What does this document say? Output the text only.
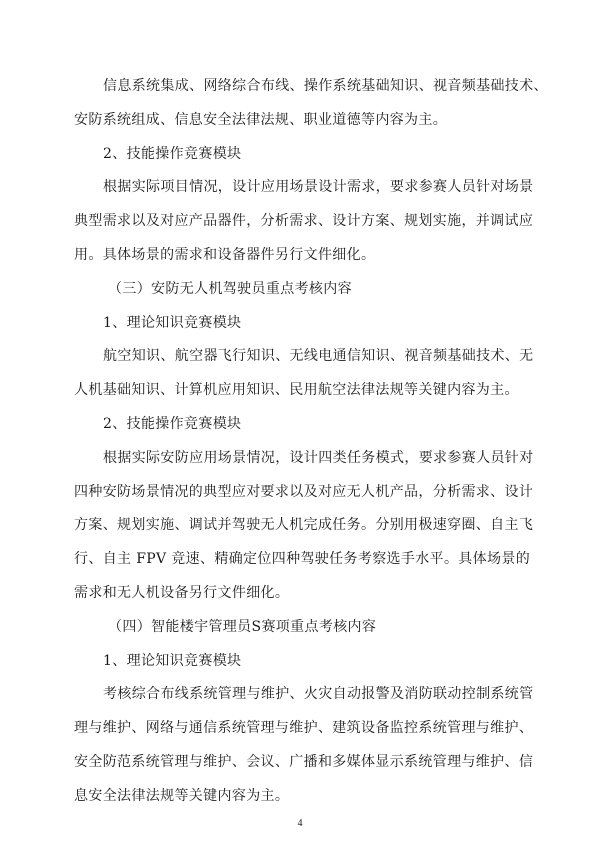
信息系统集成、网络综合布线、操作系统基础知识、视音频基础技术、
安防系统组成、信息安全法律法规、职业道德等内容为主。
2、技能操作竞赛模块
根据实际项目情况，设计应用场景设计需求，要求参赛人员针对场景
典型需求以及对应产品器件，分析需求、设计方案、规划实施，并调试应
用。具体场景的需求和设备器件另行文件细化。
（三）安防无人机驾驶员重点考核内容
1、理论知识竞赛模块
航空知识、航空器飞行知识、无线电通信知识、视音频基础技术、无
人机基础知识、计算机应用知识、民用航空法律法规等关键内容为主。
2、技能操作竞赛模块
根据实际安防应用场景情况，设计四类任务模式，要求参赛人员针对
四种安防场景情况的典型应对要求以及对应无人机产品，分析需求、设计
方案、规划实施、调试并驾驶无人机完成任务。分别用极速穿圈、自主飞
行、自主 FPV 竞速、精确定位四种驾驶任务考察选手水平。具体场景的
需求和无人机设备另行文件细化。
（四）智能楼宇管理员S赛项重点考核内容
1、理论知识竞赛模块
考核综合布线系统管理与维护、火灾自动报警及消防联动控制系统管
理与维护、网络与通信系统管理与维护、建筑设备监控系统管理与维护、
安全防范系统管理与维护、会议、广播和多媒体显示系统管理与维护、信
息安全法律法规等关键内容为主。
4
